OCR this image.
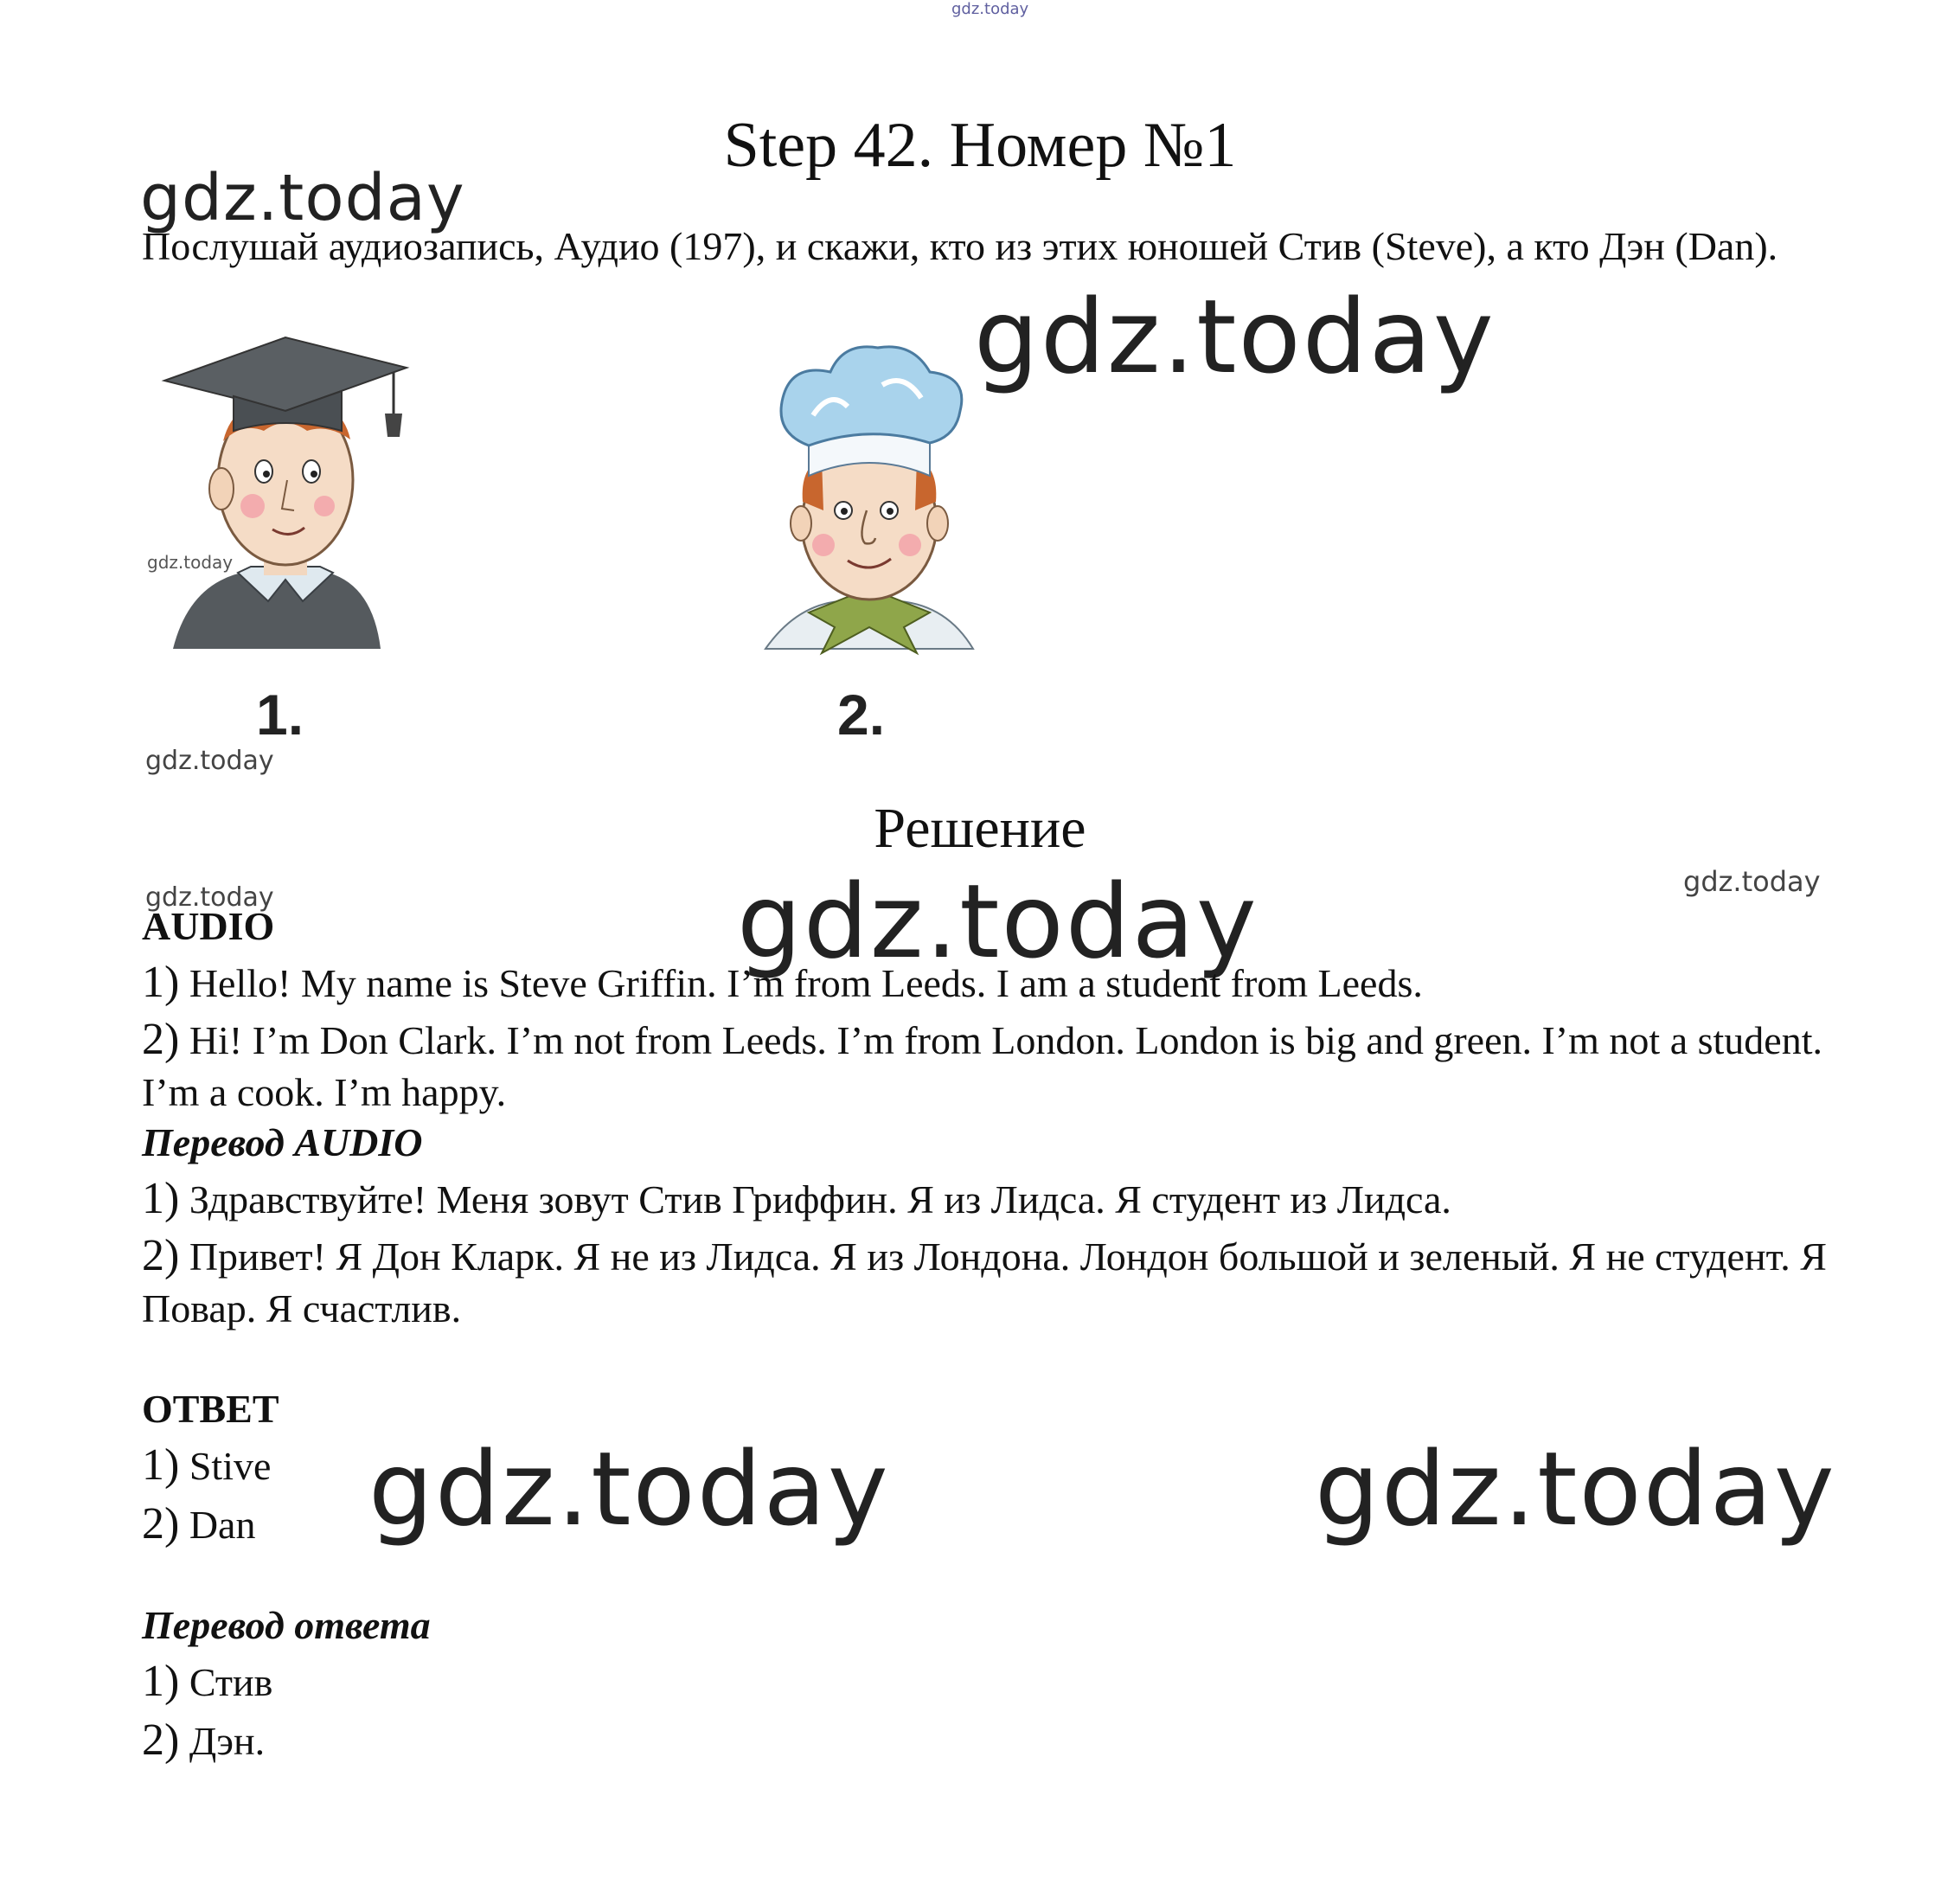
gdz.today
gdz.today
gdz.today
gdz.today
gdz.today
gdz.today	gdz.today
gdz.today
gdz.today	gdz.today
Step 42. Номер №1
Послушай аудиозапись, Аудио (197), и скажи, кто из этих юношей Стив (Steve), а кто Дэн (Dan).
1.	2.
Решение
AUDIO
1) Hello! My name is Steve Griffin. I’m from Leeds. I am a student from Leeds.
2) Hi! I’m Don Clark. I’m not from Leeds. I’m from London. London is big and green. I’m not a student. I’m a cook. I’m happy.
Перевод AUDIO
1) Здравствуйте! Меня зовут Стив Гриффин. Я из Лидса. Я студент из Лидса.
2) Привет! Я Дон Кларк. Я не из Лидса. Я из Лондона. Лондон большой и зеленый. Я не студент. Я Повар. Я счастлив.
ОТВЕТ
1) Stive
2) Dan
Перевод ответа
1) Стив
2) Дэн.
